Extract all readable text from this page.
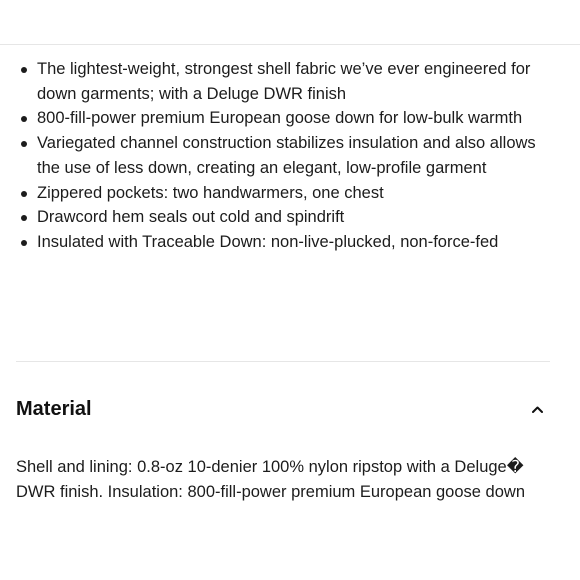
The lightest-weight, strongest shell fabric we’ve ever engineered for down garments; with a Deluge DWR finish
800-fill-power premium European goose down for low-bulk warmth
Variegated channel construction stabilizes insulation and also allows the use of less down, creating an elegant, low-profile garment
Zippered pockets: two handwarmers, one chest
Drawcord hem seals out cold and spindrift
Insulated with Traceable Down: non-live-plucked, non-force-fed
Material

Shell and lining: 0.8-oz 10-denier 100% nylon ripstop with a Deluge� DWR finish. Insulation: 800-fill-power premium European goose down
